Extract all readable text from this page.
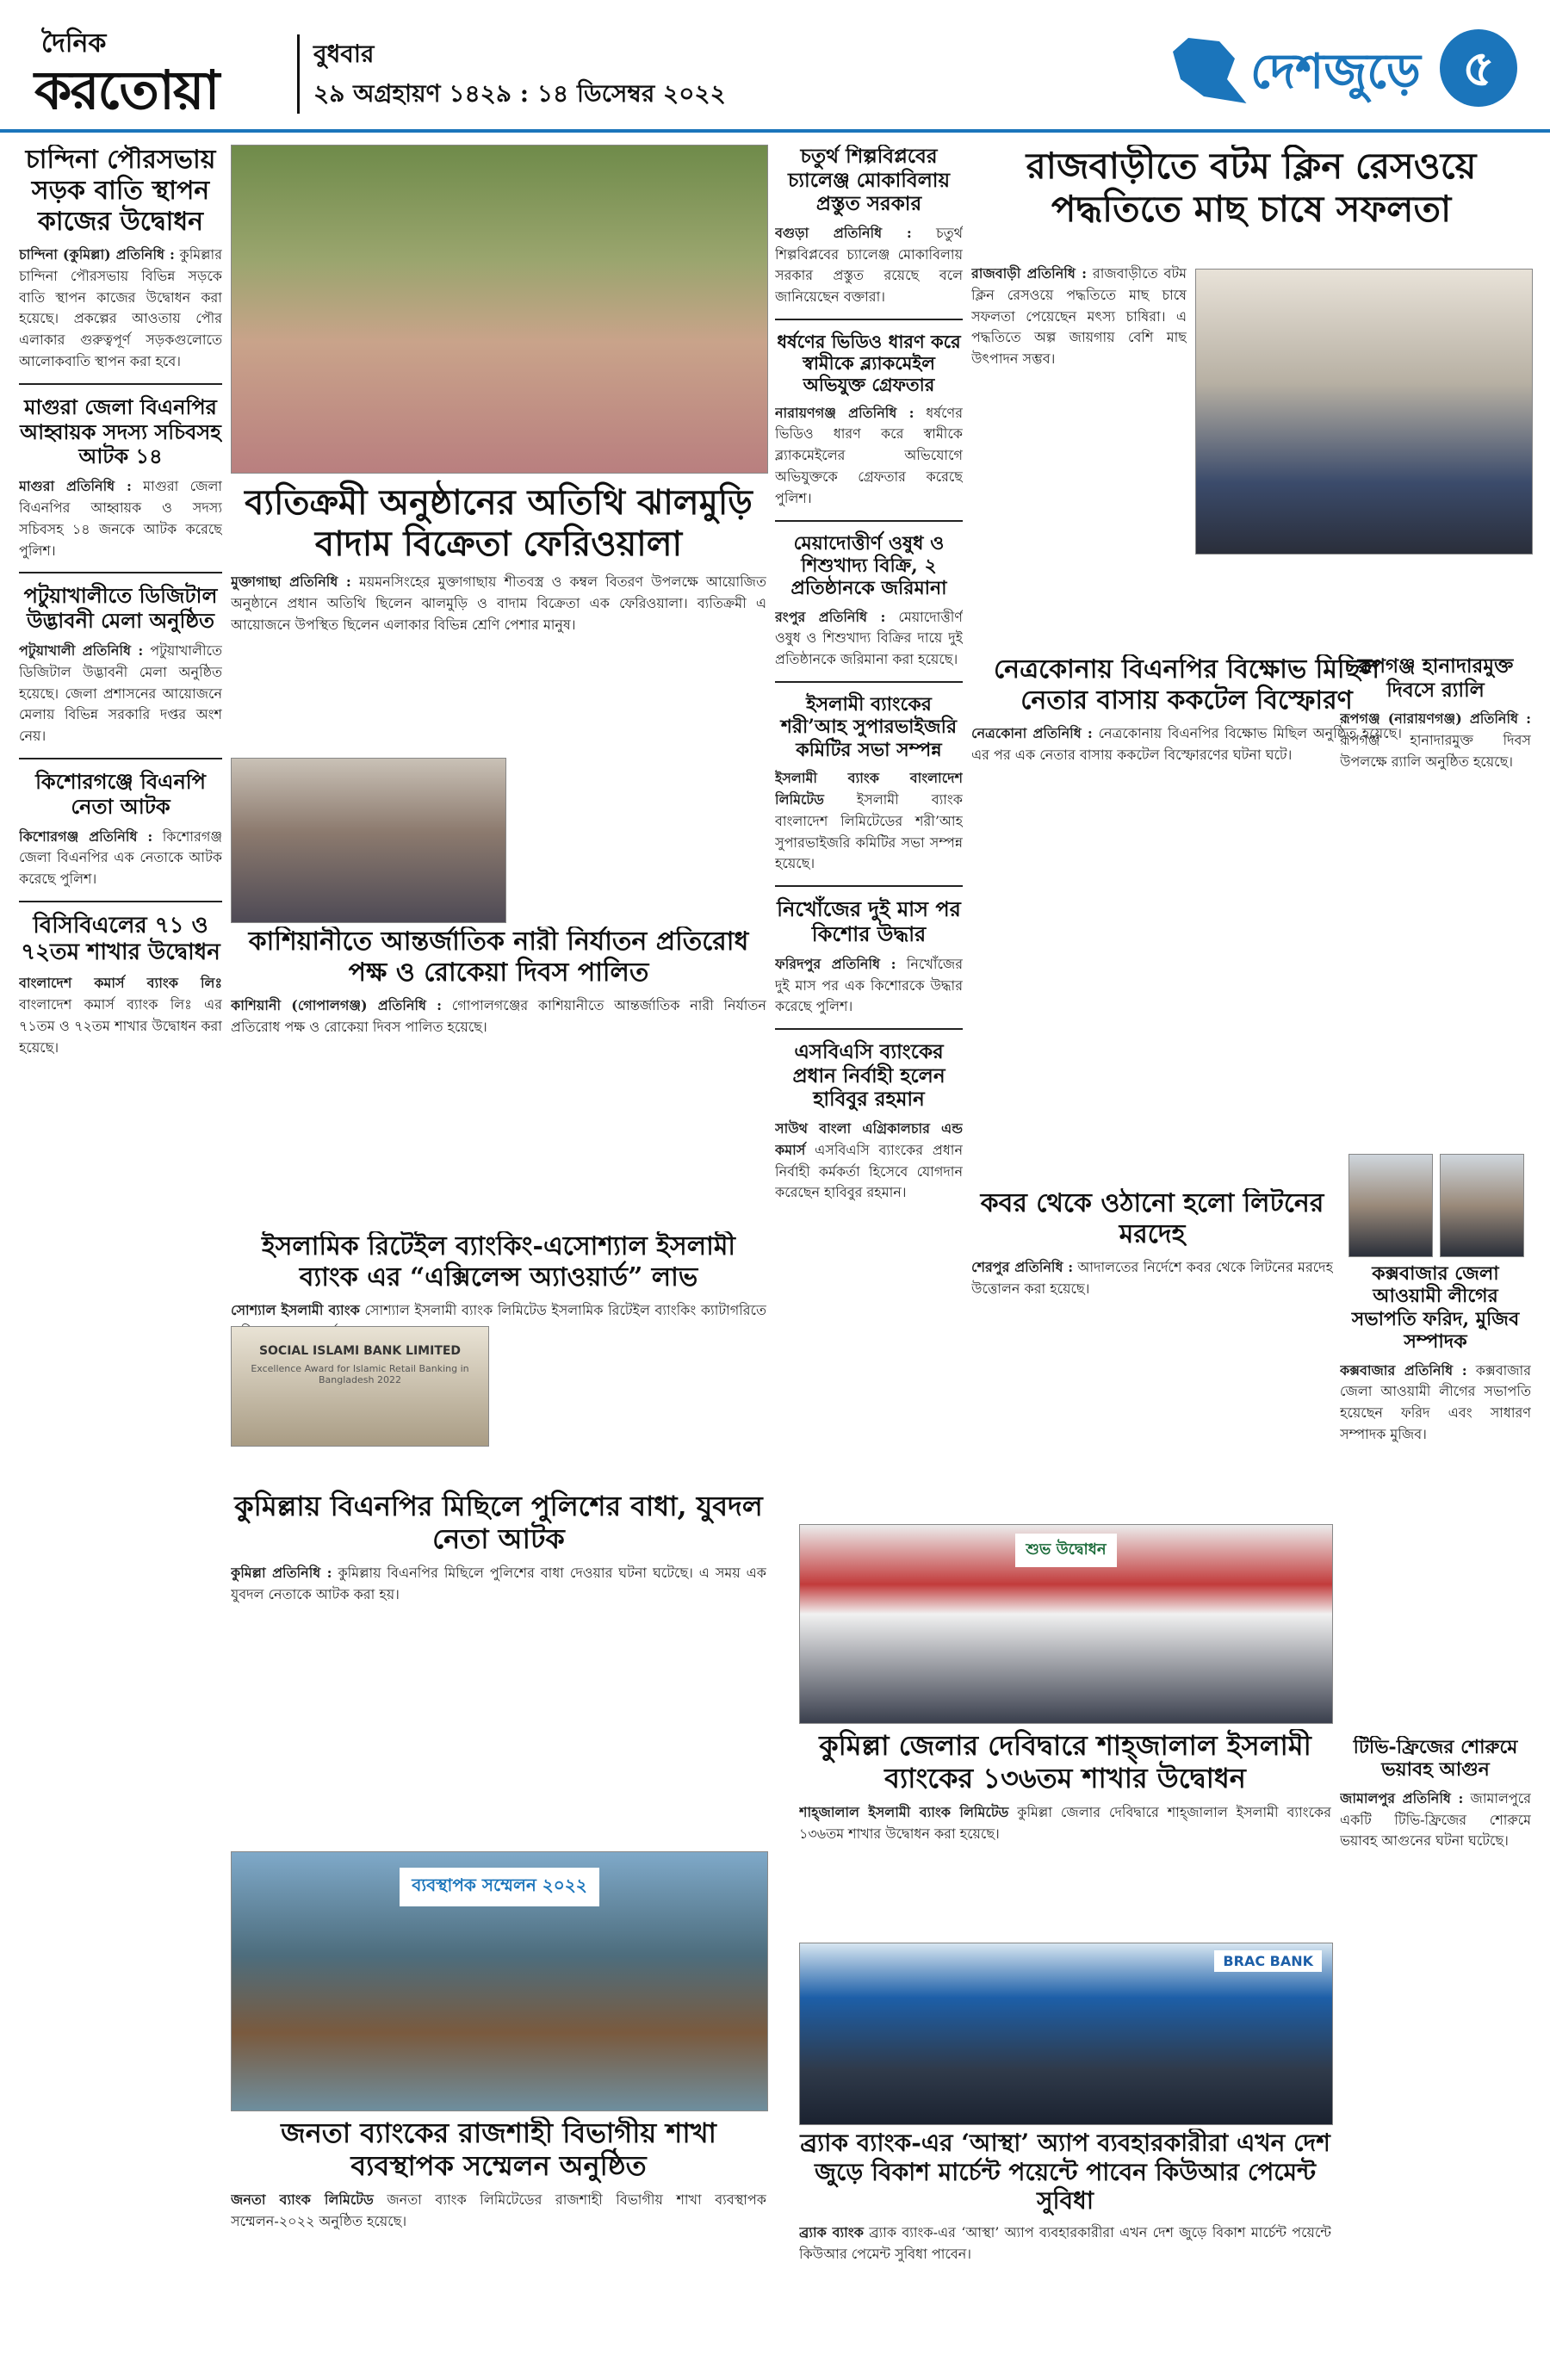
দৈনিক
করতোয়া
বুধবার
২৯ অগ্রহায়ণ ১৪২৯ : ১৪ ডিসেম্বর ২০২২	দেশজুড়ে ৫
চান্দিনা পৌরসভায় সড়ক বাতি স্থাপন কাজের উদ্বোধন

চান্দিনা (কুমিল্লা) প্রতিনিধি : কুমিল্লার চান্দিনা পৌরসভায় বিভিন্ন সড়কে বাতি স্থাপন কাজের উদ্বোধন করা হয়েছে। প্রকল্পের আওতায় পৌর এলাকার গুরুত্বপূর্ণ সড়কগুলোতে আলোকবাতি স্থাপন করা হবে।

মাগুরা জেলা বিএনপির আহ্বায়ক সদস্য সচিবসহ আটক ১৪

মাগুরা প্রতিনিধি : মাগুরা জেলা বিএনপির আহ্বায়ক ও সদস্য সচিবসহ ১৪ জনকে আটক করেছে পুলিশ।

পটুয়াখালীতে ডিজিটাল উদ্ভাবনী মেলা অনুষ্ঠিত

পটুয়াখালী প্রতিনিধি : পটুয়াখালীতে ডিজিটাল উদ্ভাবনী মেলা অনুষ্ঠিত হয়েছে। জেলা প্রশাসনের আয়োজনে মেলায় বিভিন্ন সরকারি দপ্তর অংশ নেয়।

কিশোরগঞ্জে বিএনপি নেতা আটক

কিশোরগঞ্জ প্রতিনিধি : কিশোরগঞ্জ জেলা বিএনপির এক নেতাকে আটক করেছে পুলিশ।

বিসিবিএলের ৭১ ও ৭২তম শাখার উদ্বোধন

বাংলাদেশ কমার্স ব্যাংক লিঃ বাংলাদেশ কমার্স ব্যাংক লিঃ এর ৭১তম ও ৭২তম শাখার উদ্বোধন করা হয়েছে।

ব্যতিক্রমী অনুষ্ঠানের অতিথি ঝালমুড়ি বাদাম বিক্রেতা ফেরিওয়ালা

মুক্তাগাছা প্রতিনিধি : ময়মনসিংহের মুক্তাগাছায় শীতবস্ত্র ও কম্বল বিতরণ উপলক্ষে আয়োজিত অনুষ্ঠানে প্রধান অতিথি ছিলেন ঝালমুড়ি ও বাদাম বিক্রেতা এক ফেরিওয়ালা। ব্যতিক্রমী এ আয়োজনে উপস্থিত ছিলেন এলাকার বিভিন্ন শ্রেণি পেশার মানুষ।

কাশিয়ানীতে আন্তর্জাতিক নারী নির্যাতন প্রতিরোধ পক্ষ ও রোকেয়া দিবস পালিত

কাশিয়ানী (গোপালগঞ্জ) প্রতিনিধি : গোপালগঞ্জের কাশিয়ানীতে আন্তর্জাতিক নারী নির্যাতন প্রতিরোধ পক্ষ ও রোকেয়া দিবস পালিত হয়েছে।

ইসলামিক রিটেইল ব্যাংকিং-এসোশ্যাল ইসলামী ব্যাংক এর “এক্সিলেন্স অ্যাওয়ার্ড” লাভ

সোশ্যাল ইসলামী ব্যাংক সোশ্যাল ইসলামী ব্যাংক লিমিটেড ইসলামিক রিটেইল ব্যাংকিং ক্যাটাগরিতে

SOCIAL ISLAMI BANK LIMITED
Excellence Award for Islamic Retail Banking in Bangladesh 2022
কুমিল্লায় বিএনপির মিছিলে পুলিশের বাধা, যুবদল নেতা আটক

কুমিল্লা প্রতিনিধি : কুমিল্লায় বিএনপির মিছিলে পুলিশের বাধা দেওয়ার ঘটনা ঘটেছে। এ সময় এক যুবদল নেতাকে আটক করা হয়।

ব্যবস্থাপক সম্মেলন ২০২২
জনতা ব্যাংকের রাজশাহী বিভাগীয় শাখা ব্যবস্থাপক সম্মেলন অনুষ্ঠিত

জনতা ব্যাংক লিমিটেড জনতা ব্যাংক লিমিটেডের রাজশাহী বিভাগীয় শাখা ব্যবস্থাপক সম্মেলন-২০২২ অনুষ্ঠিত হয়েছে।

চতুর্থ শিল্পবিপ্লবের চ্যালেঞ্জ মোকাবিলায় প্রস্তুত সরকার

বগুড়া প্রতিনিধি : চতুর্থ শিল্পবিপ্লবের চ্যালেঞ্জ মোকাবিলায় সরকার প্রস্তুত রয়েছে বলে জানিয়েছেন বক্তারা।

ধর্ষণের ভিডিও ধারণ করে স্বামীকে ব্ল্যাকমেইল অভিযুক্ত গ্রেফতার

নারায়ণগঞ্জ প্রতিনিধি : ধর্ষণের ভিডিও ধারণ করে স্বামীকে ব্ল্যাকমেইলের অভিযোগে অভিযুক্তকে গ্রেফতার করেছে পুলিশ।

মেয়াদোত্তীর্ণ ওষুধ ও শিশুখাদ্য বিক্রি, ২ প্রতিষ্ঠানকে জরিমানা

রংপুর প্রতিনিধি : মেয়াদোত্তীর্ণ ওষুধ ও শিশুখাদ্য বিক্রির দায়ে দুই প্রতিষ্ঠানকে জরিমানা করা হয়েছে।

ইসলামী ব্যাংকের শরী’আহ সুপারভাইজরি কমিটির সভা সম্পন্ন

ইসলামী ব্যাংক বাংলাদেশ লিমিটেড ইসলামী ব্যাংক বাংলাদেশ লিমিটেডের শরী’আহ সুপারভাইজরি কমিটির সভা সম্পন্ন হয়েছে।

নিখোঁজের দুই মাস পর কিশোর উদ্ধার

ফরিদপুর প্রতিনিধি : নিখোঁজের দুই মাস পর এক কিশোরকে উদ্ধার করেছে পুলিশ।

এসবিএসি ব্যাংকের প্রধান নির্বাহী হলেন হাবিবুর রহমান

সাউথ বাংলা এগ্রিকালচার এন্ড কমার্স এসবিএসি ব্যাংকের প্রধান নির্বাহী কর্মকর্তা হিসেবে যোগদান করেছেন হাবিবুর রহমান।

রাজবাড়ীতে বটম ক্লিন রেসওয়ে পদ্ধতিতে মাছ চাষে সফলতা

রাজবাড়ী প্রতিনিধি : রাজবাড়ীতে বটম ক্লিন রেসওয়ে পদ্ধতিতে মাছ চাষে সফলতা পেয়েছেন মৎস্য চাষিরা। এ পদ্ধতিতে অল্প জায়গায় বেশি মাছ উৎপাদন সম্ভব।

নেত্রকোনায় বিএনপির বিক্ষোভ মিছিল নেতার বাসায় ককটেল বিস্ফোরণ

নেত্রকোনা প্রতিনিধি : নেত্রকোনায় বিএনপির বিক্ষোভ মিছিল অনুষ্ঠিত হয়েছে। এর পর এক নেতার বাসায় ককটেল বিস্ফোরণের ঘটনা ঘটে।

রূপগঞ্জ হানাদারমুক্ত দিবসে র‌্যালি

রূপগঞ্জ (নারায়ণগঞ্জ) প্রতিনিধি : রূপগঞ্জ হানাদারমুক্ত দিবস উপলক্ষে র‌্যালি অনুষ্ঠিত হয়েছে।

কবর থেকে ওঠানো হলো লিটনের মরদেহ

শেরপুর প্রতিনিধি : আদালতের নির্দেশে কবর থেকে লিটনের মরদেহ উত্তোলন করা হয়েছে।

কক্সবাজার জেলা আওয়ামী লীগের সভাপতি ফরিদ, মুজিব সম্পাদক

কক্সবাজার প্রতিনিধি : কক্সবাজার জেলা আওয়ামী লীগের সভাপতি হয়েছেন ফরিদ এবং সাধারণ সম্পাদক মুজিব।

শুভ উদ্বোধন
কুমিল্লা জেলার দেবিদ্বারে শাহ্জালাল ইসলামী ব্যাংকের ১৩৬তম শাখার উদ্বোধন

শাহ্জালাল ইসলামী ব্যাংক লিমিটেড কুমিল্লা জেলার দেবিদ্বারে শাহ্জালাল ইসলামী ব্যাংকের ১৩৬তম শাখার উদ্বোধন করা হয়েছে।

টিভি-ফ্রিজের শোরুমে ভয়াবহ আগুন

জামালপুর প্রতিনিধি : জামালপুরে একটি টিভি-ফ্রিজের শোরুমে ভয়াবহ আগুনের ঘটনা ঘটেছে।

BRAC BANK
ব্র্যাক ব্যাংক-এর ‘আস্থা’ অ্যাপ ব্যবহারকারীরা এখন দেশ জুড়ে বিকাশ মার্চেন্ট পয়েন্টে পাবেন কিউআর পেমেন্ট সুবিধা

ব্র্যাক ব্যাংক ব্র্যাক ব্যাংক-এর ‘আস্থা’ অ্যাপ ব্যবহারকারীরা এখন দেশ জুড়ে বিকাশ মার্চেন্ট পয়েন্টে কিউআর পেমেন্ট সুবিধা পাবেন।
